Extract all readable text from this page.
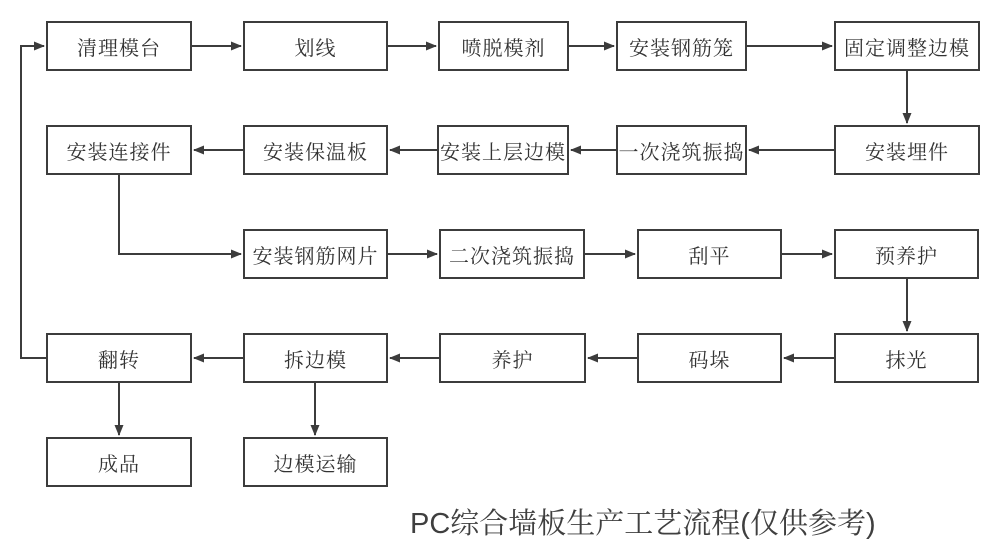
清理模台	划线	喷脱模剂	安装钢筋笼	固定调整边模
安装连接件	安装保温板	安装上层边模	一次浇筑振捣	安装埋件
安装钢筋网片	二次浇筑振捣	刮平	预养护
翻转	拆边模	养护	码垛	抹光
成品	边模运输
PC综合墙板生产工艺流程(仅供参考)
